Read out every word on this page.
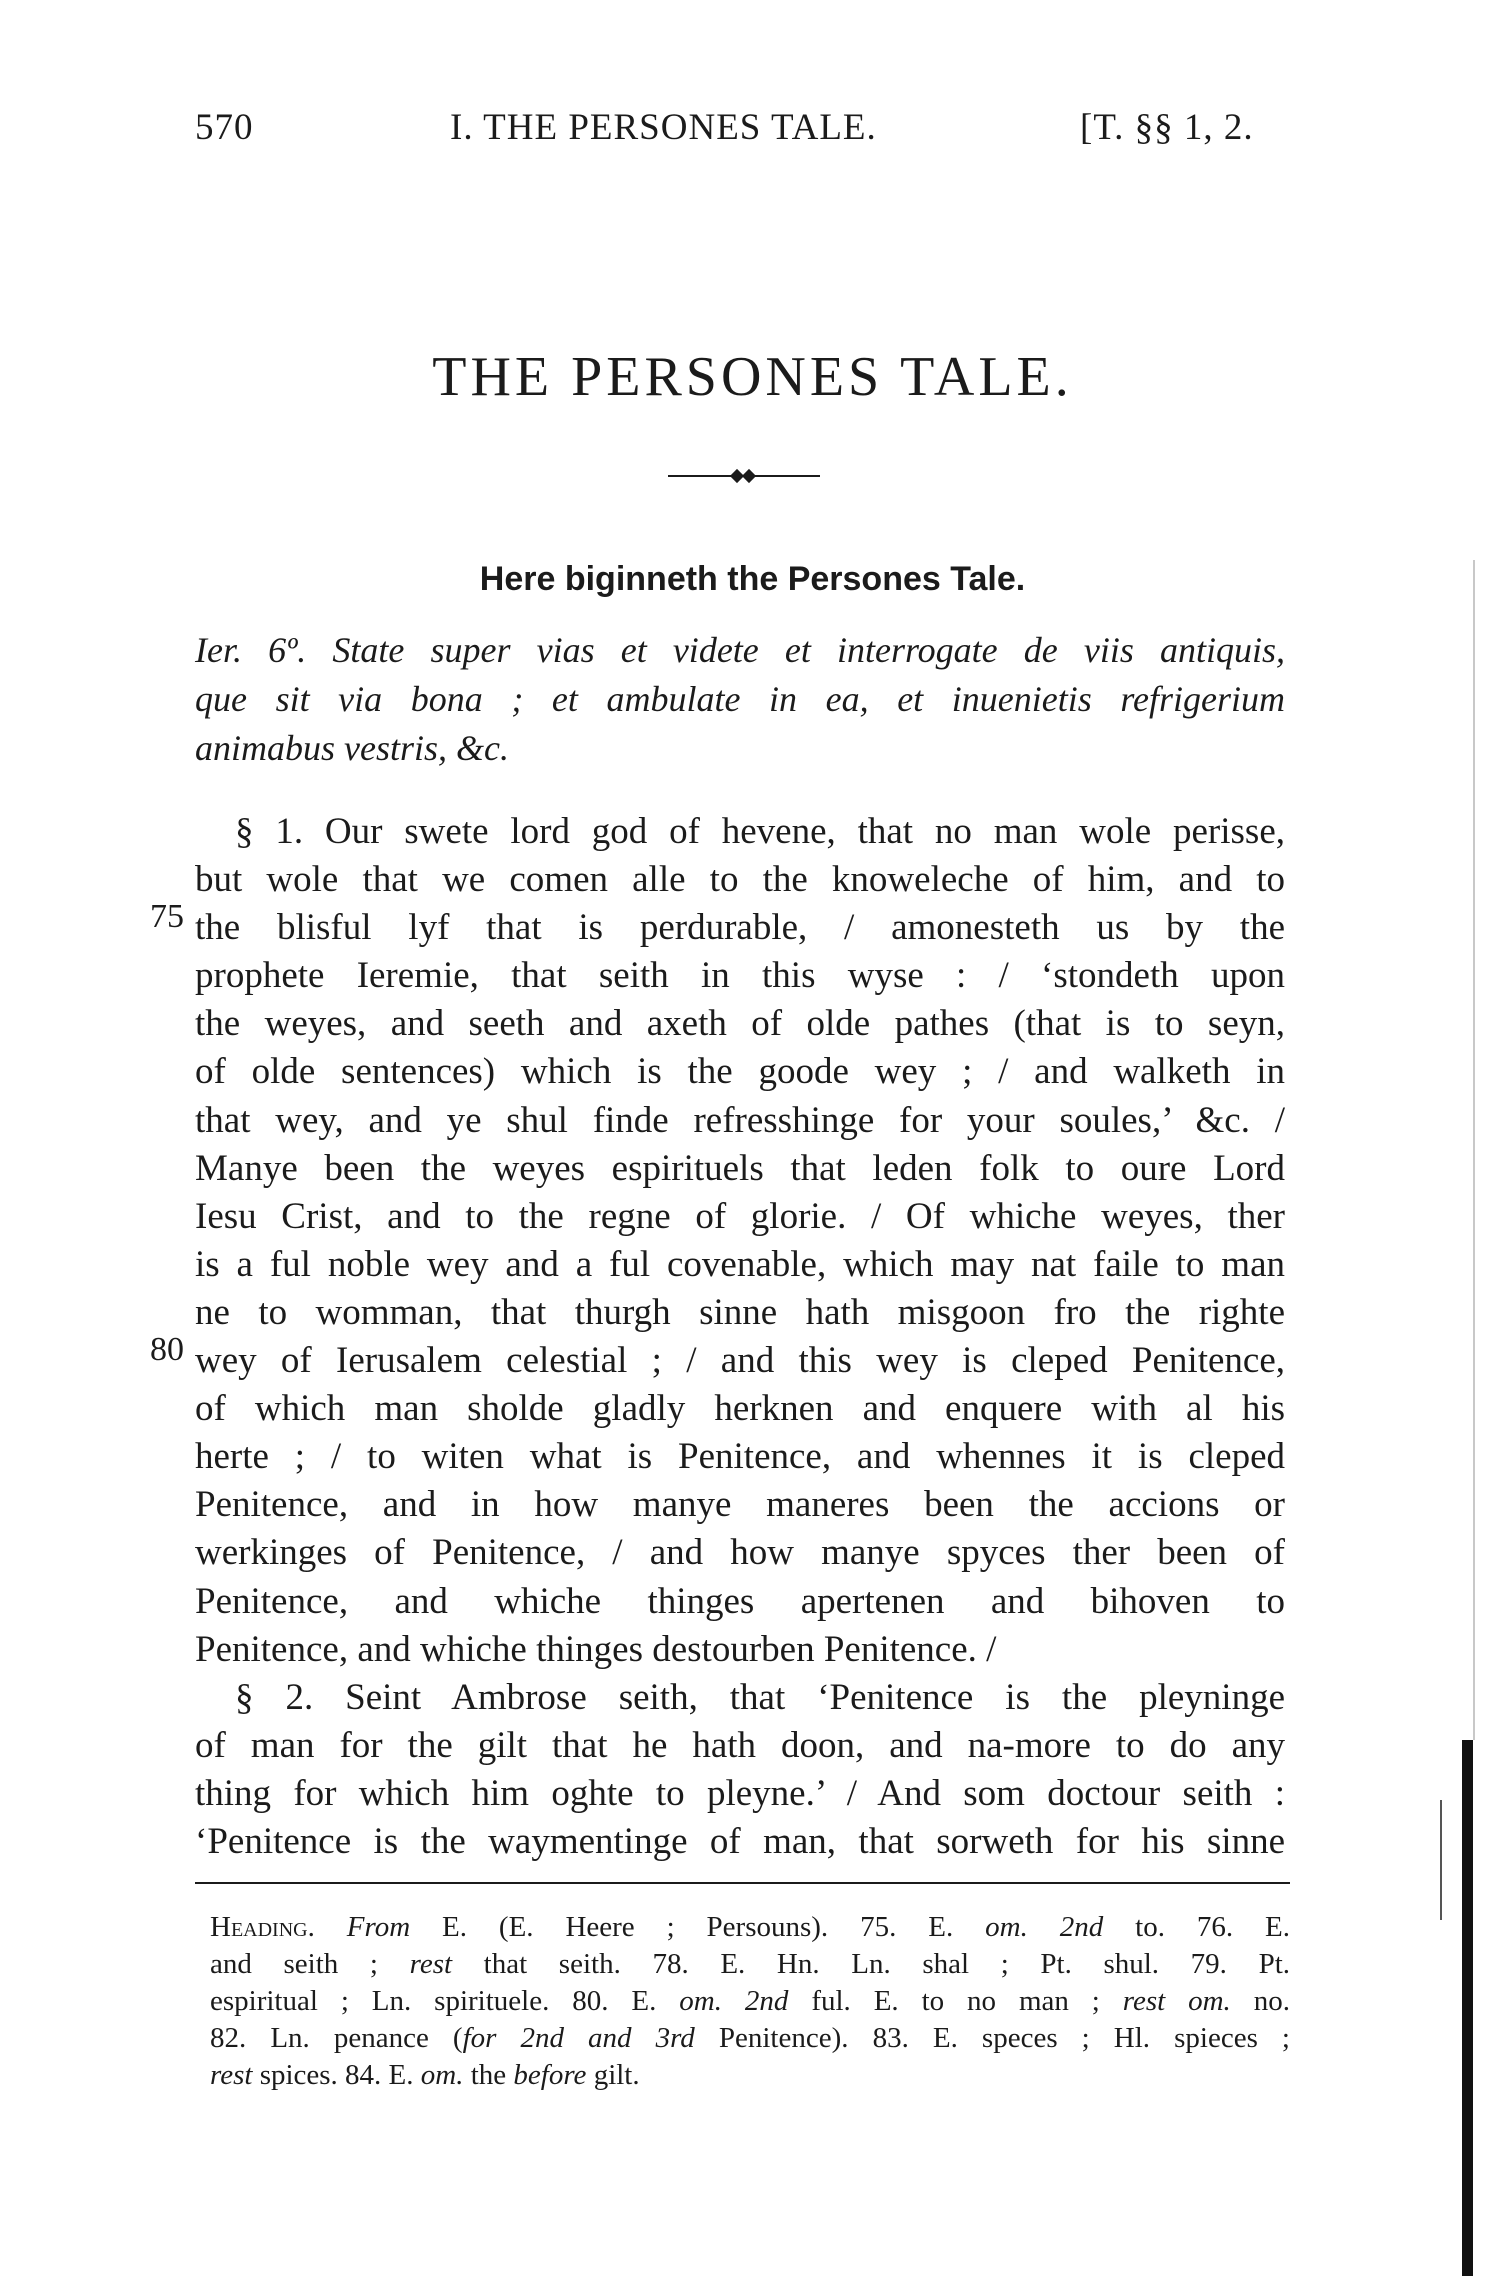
570	I. THE PERSONES TALE.	[T. §§ 1, 2.
THE PERSONES TALE.
Here biginneth the Persones Tale.
Ier. 6º. State super vias et videte et interrogate de viis antiquis,
que sit via bona ; et ambulate in ea, et inuenietis refrigerium
animabus vestris, &c.
§ 1. Our swete lord god of hevene, that no man wole perisse,
but wole that we comen alle to the knoweleche of him, and to
the blisful lyf that is perdurable, / amonesteth us by the
prophete Ieremie, that seith in this wyse : / ‘stondeth upon
the weyes, and seeth and axeth of olde pathes (that is to seyn,
of olde sentences) which is the goode wey ; / and walketh in
that wey, and ye shul finde refresshinge for your soules,’ &c. /
Manye been the weyes espirituels that leden folk to oure Lord
Iesu Crist, and to the regne of glorie. / Of whiche weyes, ther
is a ful noble wey and a ful covenable, which may nat faile to man
ne to womman, that thurgh sinne hath misgoon fro the righte
wey of Ierusalem celestial ; / and this wey is cleped Penitence,
of which man sholde gladly herknen and enquere with al his
herte ; / to witen what is Penitence, and whennes it is cleped
Penitence, and in how manye maneres been the accions or
werkinges of Penitence, / and how manye spyces ther been of
Penitence, and whiche thinges apertenen and bihoven to
Penitence, and whiche thinges destourben Penitence. /
§ 2. Seint Ambrose seith, that ‘Penitence is the pleyninge
of man for the gilt that he hath doon, and na-more to do any
thing for which him oghte to pleyne.’ / And som doctour seith :
‘Penitence is the waymentinge of man, that sorweth for his sinne
75
80
Heading. From E. (E. Heere ; Persouns). 75. E. om. 2nd to. 76. E.
and seith ; rest that seith. 78. E. Hn. Ln. shal ; Pt. shul. 79. Pt.
espiritual ; Ln. spirituele. 80. E. om. 2nd ful. E. to no man ; rest om. no.
82. Ln. penance (for 2nd and 3rd Penitence). 83. E. speces ; Hl. spieces ;
rest spices. 84. E. om. the before gilt.
